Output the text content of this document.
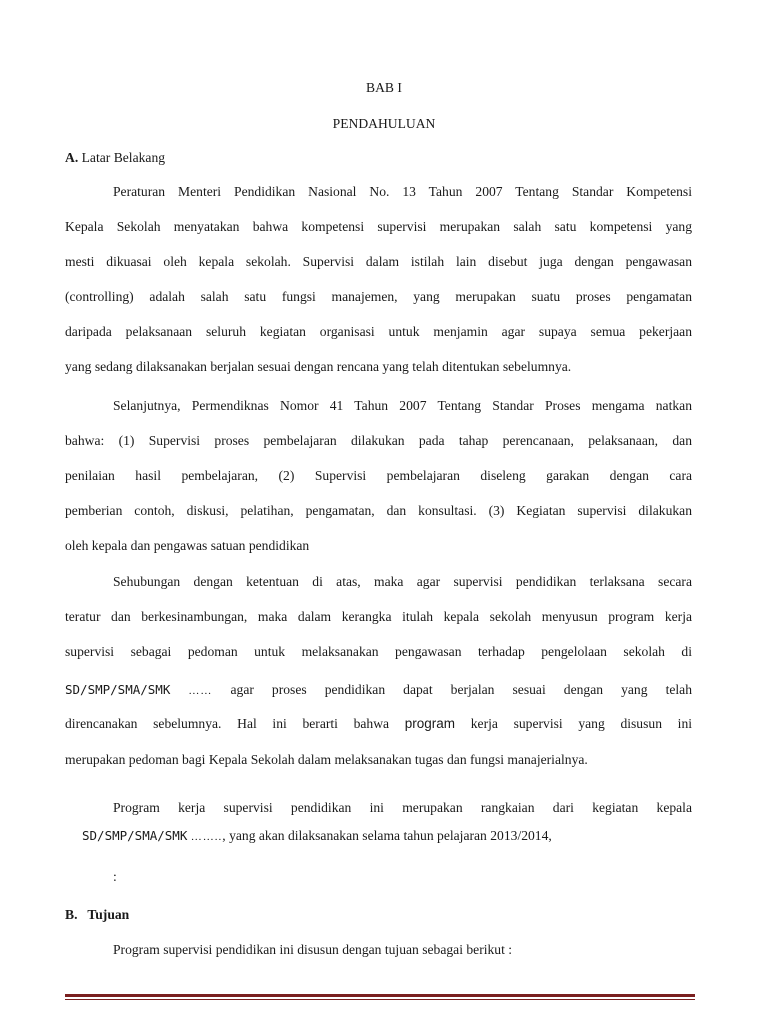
BAB I
PENDAHULUAN
A. Latar Belakang
Peraturan Menteri Pendidikan Nasional No. 13 Tahun 2007 Tentang Standar Kompetensi
Kepala Sekolah menyatakan bahwa kompetensi supervisi merupakan salah satu kompetensi yang
mesti dikuasai oleh kepala sekolah. Supervisi dalam istilah lain disebut juga dengan pengawasan
(controlling) adalah salah satu fungsi manajemen, yang merupakan suatu proses pengamatan
daripada pelaksanaan seluruh kegiatan organisasi untuk menjamin agar supaya semua pekerjaan
yang sedang dilaksanakan berjalan sesuai dengan rencana yang telah ditentukan sebelumnya.
Selanjutnya, Permendiknas Nomor 41 Tahun 2007 Tentang Standar Proses mengama natkan
bahwa: (1) Supervisi proses pembelajaran dilakukan pada tahap perencanaan, pelaksanaan, dan
penilaian hasil pembelajaran, (2) Supervisi pembelajaran diseleng garakan dengan cara
pemberian contoh, diskusi, pelatihan, pengamatan, dan konsultasi. (3) Kegiatan supervisi dilakukan
oleh kepala dan pengawas satuan pendidikan
Sehubungan dengan ketentuan di atas, maka agar supervisi pendidikan terlaksana secara
teratur dan berkesinambungan, maka dalam kerangka itulah kepala sekolah menyusun program kerja
supervisi sebagai pedoman untuk melaksanakan pengawasan terhadap pengelolaan sekolah di
SD/SMP/SMA/SMK …… agar proses pendidikan dapat berjalan sesuai dengan yang telah
direncanakan sebelumnya. Hal ini berarti bahwa program kerja supervisi yang disusun ini
merupakan pedoman bagi Kepala Sekolah dalam melaksanakan tugas dan fungsi manajerialnya.
Program kerja supervisi pendidikan ini merupakan rangkaian dari kegiatan kepala
SD/SMP/SMA/SMK …….., yang akan dilaksanakan selama tahun pelajaran 2013/2014,
:
B. Tujuan
Program supervisi pendidikan ini disusun dengan tujuan sebagai berikut :
